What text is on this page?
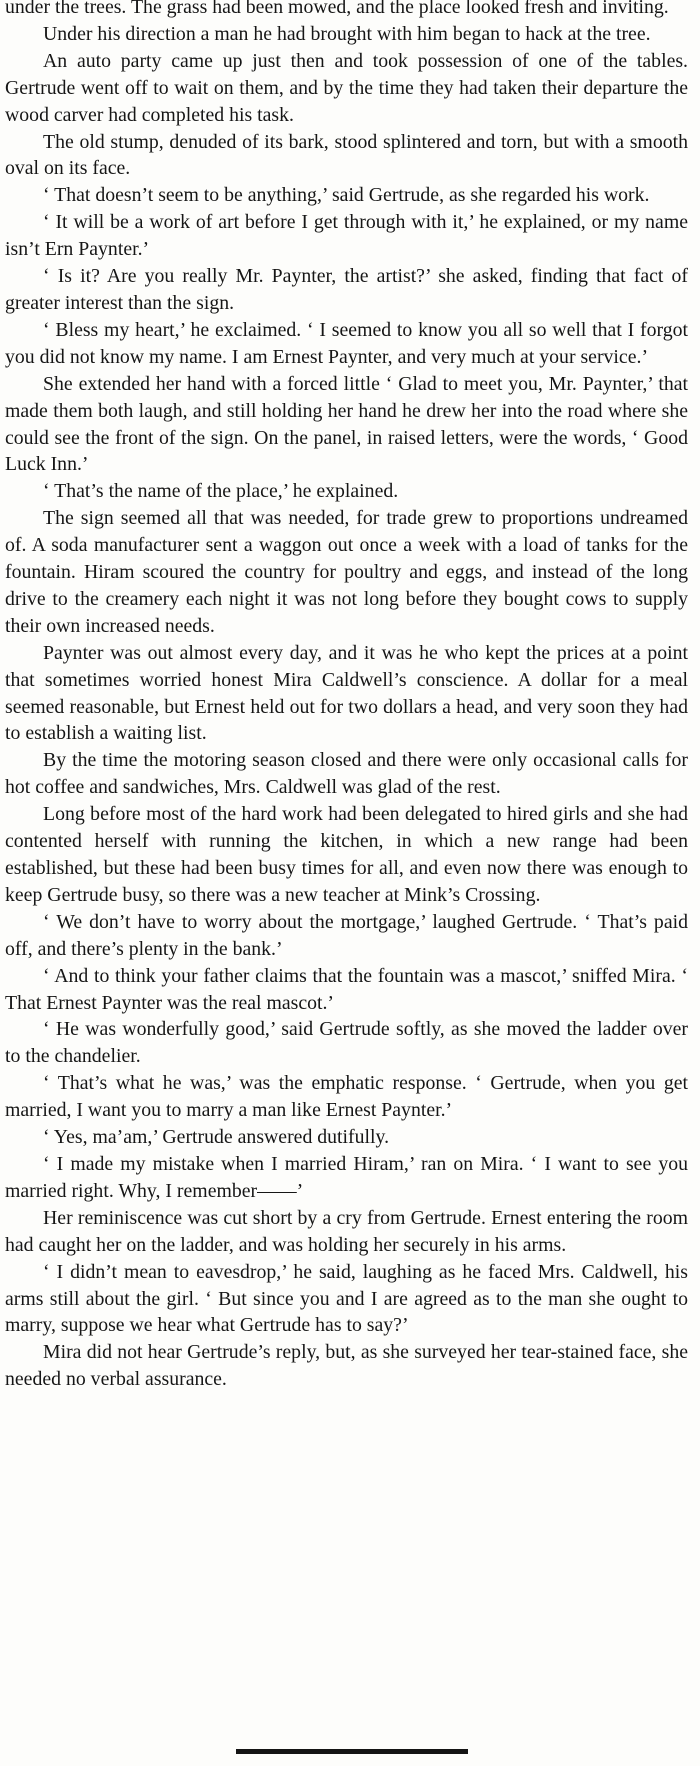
under the trees. The grass had been mowed, and the place looked fresh and inviting.

Under his direction a man he had brought with him began to hack at the tree.

An auto party came up just then and took possession of one of the tables. Gertrude went off to wait on them, and by the time they had taken their departure the wood carver had completed his task.

The old stump, denuded of its bark, stood splintered and torn, but with a smooth oval on its face.

‘ That doesn’t seem to be anything,’ said Gertrude, as she regarded his work.

‘ It will be a work of art before I get through with it,’ he explained, or my name isn’t Ern Paynter.’

‘ Is it? Are you really Mr. Paynter, the artist?’ she asked, finding that fact of greater interest than the sign.

‘ Bless my heart,’ he exclaimed. ‘ I seemed to know you all so well that I forgot you did not know my name. I am Ernest Paynter, and very much at your service.’

She extended her hand with a forced little ‘ Glad to meet you, Mr. Paynter,’ that made them both laugh, and still holding her hand he drew her into the road where she could see the front of the sign. On the panel, in raised letters, were the words, ‘ Good Luck Inn.’

‘ That’s the name of the place,’ he explained.

The sign seemed all that was needed, for trade grew to proportions undreamed of. A soda manufacturer sent a waggon out once a week with a load of tanks for the fountain. Hiram scoured the country for poultry and eggs, and instead of the long drive to the creamery each night it was not long before they bought cows to supply their own increased needs.

Paynter was out almost every day, and it was he who kept the prices at a point that sometimes worried honest Mira Caldwell’s conscience. A dollar for a meal seemed reasonable, but Ernest held out for two dollars a head, and very soon they had to establish a waiting list.

By the time the motoring season closed and there were only occasional calls for hot coffee and sandwiches, Mrs. Caldwell was glad of the rest.

Long before most of the hard work had been delegated to hired girls and she had contented herself with running the kitchen, in which a new range had been established, but these had been busy times for all, and even now there was enough to keep Gertrude busy, so there was a new teacher at Mink’s Crossing.

‘ We don’t have to worry about the mortgage,’ laughed Gertrude. ‘ That’s paid off, and there’s plenty in the bank.’

‘ And to think your father claims that the fountain was a mascot,’ sniffed Mira. ‘ That Ernest Paynter was the real mascot.’

‘ He was wonderfully good,’ said Gertrude softly, as she moved the ladder over to the chandelier.

‘ That’s what he was,’ was the emphatic response. ‘ Gertrude, when you get married, I want you to marry a man like Ernest Paynter.’

‘ Yes, ma’am,’ Gertrude answered dutifully.

‘ I made my mistake when I married Hiram,’ ran on Mira. ‘ I want to see you married right. Why, I remember——’

Her reminiscence was cut short by a cry from Gertrude. Ernest entering the room had caught her on the ladder, and was holding her securely in his arms.

‘ I didn’t mean to eavesdrop,’ he said, laughing as he faced Mrs. Caldwell, his arms still about the girl. ‘ But since you and I are agreed as to the man she ought to marry, suppose we hear what Gertrude has to say?’

Mira did not hear Gertrude’s reply, but, as she surveyed her tear-stained face, she needed no verbal assurance.
